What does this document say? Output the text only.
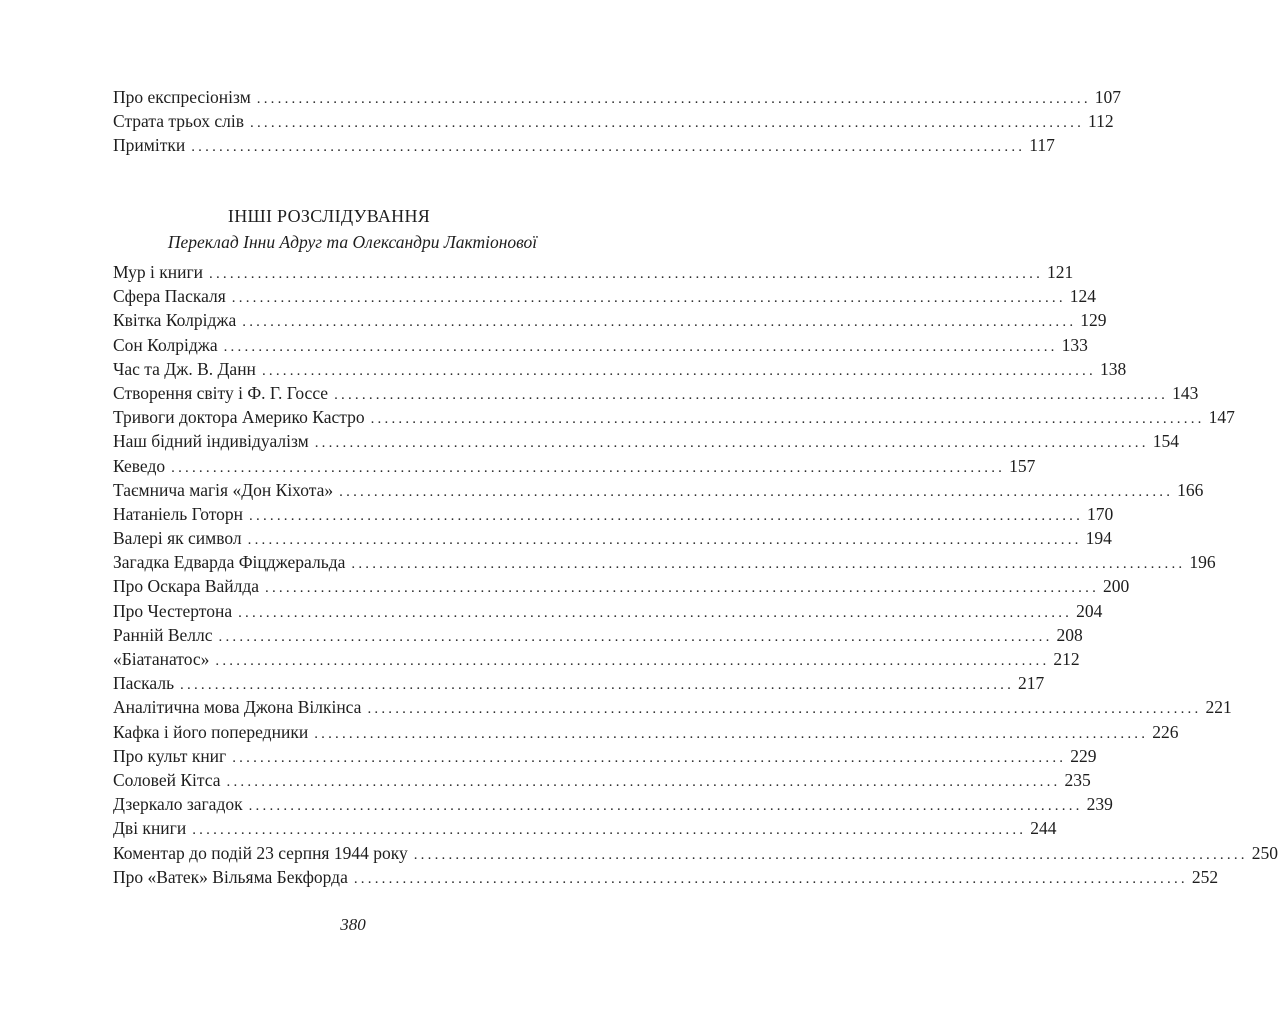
Про експресіонізм ........................................................................................................................ 107
Страта трьох слів ........................................................................................................................ 112
Примітки ........................................................................................................................ 117
ІНШІ РОЗСЛІДУВАННЯ
Переклад Інни Адруг та Олександри Лактіонової
Мур і книги ........................................................................................................................ 121
Сфера Паскаля ........................................................................................................................ 124
Квітка Колріджа ........................................................................................................................ 129
Сон Колріджа ........................................................................................................................ 133
Час та Дж. В. Данн ........................................................................................................................ 138
Створення світу і Ф. Г. Госсе ........................................................................................................................ 143
Тривоги доктора Америко Кастро ........................................................................................................................ 147
Наш бідний індивідуалізм ........................................................................................................................ 154
Кеведо ........................................................................................................................ 157
Таємнича магія «Дон Кіхота» ........................................................................................................................ 166
Натаніель Готорн ........................................................................................................................ 170
Валері як символ ........................................................................................................................ 194
Загадка Едварда Фіцджеральда ........................................................................................................................ 196
Про Оскара Вайлда ........................................................................................................................ 200
Про Честертона ........................................................................................................................ 204
Ранній Веллс ........................................................................................................................ 208
«Біатанатос» ........................................................................................................................ 212
Паскаль ........................................................................................................................ 217
Аналітична мова Джона Вілкінса ........................................................................................................................ 221
Кафка і його попередники ........................................................................................................................ 226
Про культ книг ........................................................................................................................ 229
Соловей Кітса ........................................................................................................................ 235
Дзеркало загадок ........................................................................................................................ 239
Дві книги ........................................................................................................................ 244
Коментар до подій 23 серпня 1944 року ........................................................................................................................ 250
Про «Ватек» Вільяма Бекфорда ........................................................................................................................ 252
380
